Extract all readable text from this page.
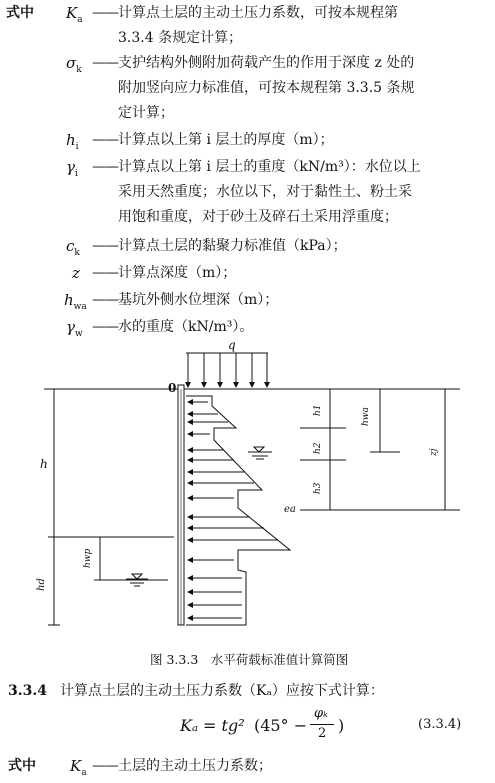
式中 $K_a$ —— 计算点土层的主动土压力系数，可按本规程第
3.3.4 条规定计算；
$\sigma_k$ —— 支护结构外侧附加荷载产生的作用于深度 z 处的
附加竖向应力标准值，可按本规程第 3.3.5 条规
定计算；
$h_i$ —— 计算点以上第 i 层土的厚度（m）；
$\gamma_i$ —— 计算点以上第 i 层土的重度（kN/m³）：水位以上
采用天然重度；水位以下，对于黏性土、粉土采
用饱和重度，对于砂土及碎石土采用浮重度；
$c_k$ —— 计算点土层的黏聚力标准值（kPa）；
z —— 计算点深度（m）；
$h_{wa}$ —— 基坑外侧水位埋深（m）；
$\gamma_w$ —— 水的重度（kN/m³）。
q
0
h
hd
hwp
h1
h2
h3
hwa
zj
ea
图 3.3.3　水平荷载标准值计算简图
3.3.4 计算点土层的主动土压力系数（Kₐ）应按下式计算：
Kₐ = tg² (45° −
φₖ
2 )	(3.3.4)
式中 $K_a$ —— 土层的主动土压力系数；
